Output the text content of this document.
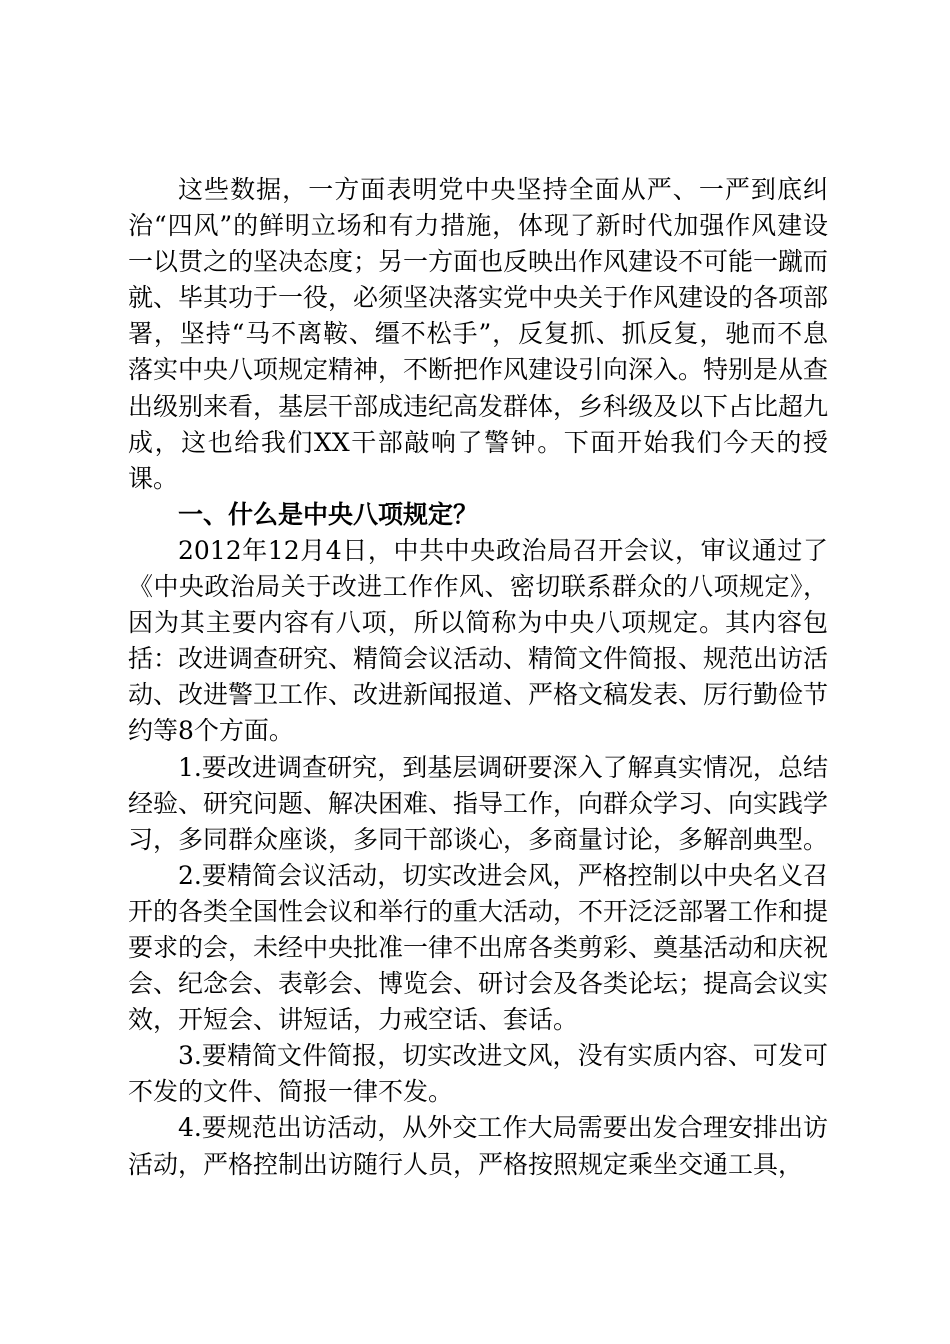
这些数据，一方面表明党中央坚持全面从严、一严到底纠治“四风”的鲜明立场和有力措施，体现了新时代加强作风建设一以贯之的坚决态度；另一方面也反映出作风建设不可能一蹴而就、毕其功于一役，必须坚决落实党中央关于作风建设的各项部署，坚持“马不离鞍、缰不松手”，反复抓、抓反复，驰而不息落实中央八项规定精神，不断把作风建设引向深入。特别是从查出级别来看，基层干部成违纪高发群体，乡科级及以下占比超九成，这也给我们XX干部敲响了警钟。下面开始我们今天的授课。

一、什么是中央八项规定？

2012年12月4日，中共中央政治局召开会议，审议通过了《中央政治局关于改进工作作风、密切联系群众的八项规定》，因为其主要内容有八项，所以简称为中央八项规定。其内容包括：改进调查研究、精简会议活动、精简文件简报、规范出访活动、改进警卫工作、改进新闻报道、严格文稿发表、厉行勤俭节约等8个方面。

1.要改进调查研究，到基层调研要深入了解真实情况，总结经验、研究问题、解决困难、指导工作，向群众学习、向实践学习，多同群众座谈，多同干部谈心，多商量讨论，多解剖典型。

2.要精简会议活动，切实改进会风，严格控制以中央名义召开的各类全国性会议和举行的重大活动，不开泛泛部署工作和提要求的会，未经中央批准一律不出席各类剪彩、奠基活动和庆祝会、纪念会、表彰会、博览会、研讨会及各类论坛；提高会议实效，开短会、讲短话，力戒空话、套话。

3.要精简文件简报，切实改进文风，没有实质内容、可发可不发的文件、简报一律不发。

4.要规范出访活动，从外交工作大局需要出发合理安排出访活动，严格控制出访随行人员，严格按照规定乘坐交通工具，
